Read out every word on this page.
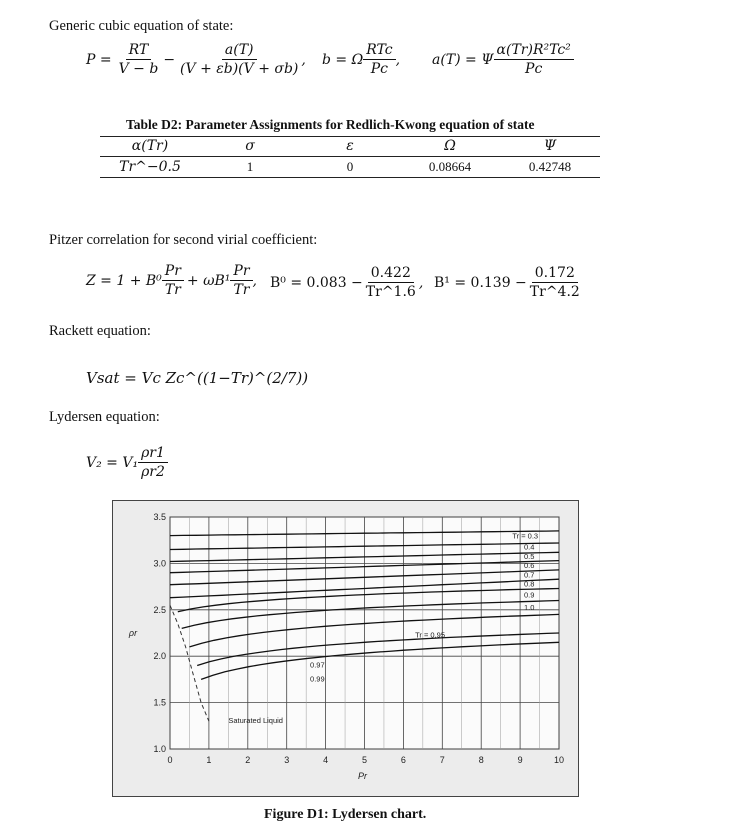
Generic cubic equation of state:
$P = \frac{RT}{V - b} - \frac{a(T)}{(V + \varepsilon b)(V + \sigma b)}$ , b = Ω $\frac{\text{RTc}}{Pc}$ , a(T) = Ψ $\frac{\text{α(Tr)R²Tc²}}{Pc}$
Table D2: Parameter Assignments for Redlich-Kwong equation of state
α(Tr)	σ	ε	Ω	Ψ
Tr^−0.5	1	0	0.08664	0.42748
Pitzer correlation for second virial coefficient:
$Z = 1 + B^0 \frac{Pr}{Tr} + \omega B^1 \frac{Pr}{Tr}$ , $B^0 = 0.083 - \frac{0.422}{Tr\^{}1.6}$ , $B^1 = 0.139 - \frac{0.172}{Tr\^{}4.2}$
Rackett equation:
Vsat = Vc Zc^((1−Tr)^(2/7))
Lydersen equation:
$V_2 = V_1 \frac{\rho r1}{\rho r2}$
0	1	2	3	4	5	6	7	8	9	10
1.0
1.5
2.0
2.5
3.0
3.5
Pr
ρr
Tr = 0.3
0.4
0.5
0.6
0.7
0.8
0.9
1.0
Tr = 0.95
0.97
0.99
Saturated Liquid
Figure D1: Lydersen chart.
